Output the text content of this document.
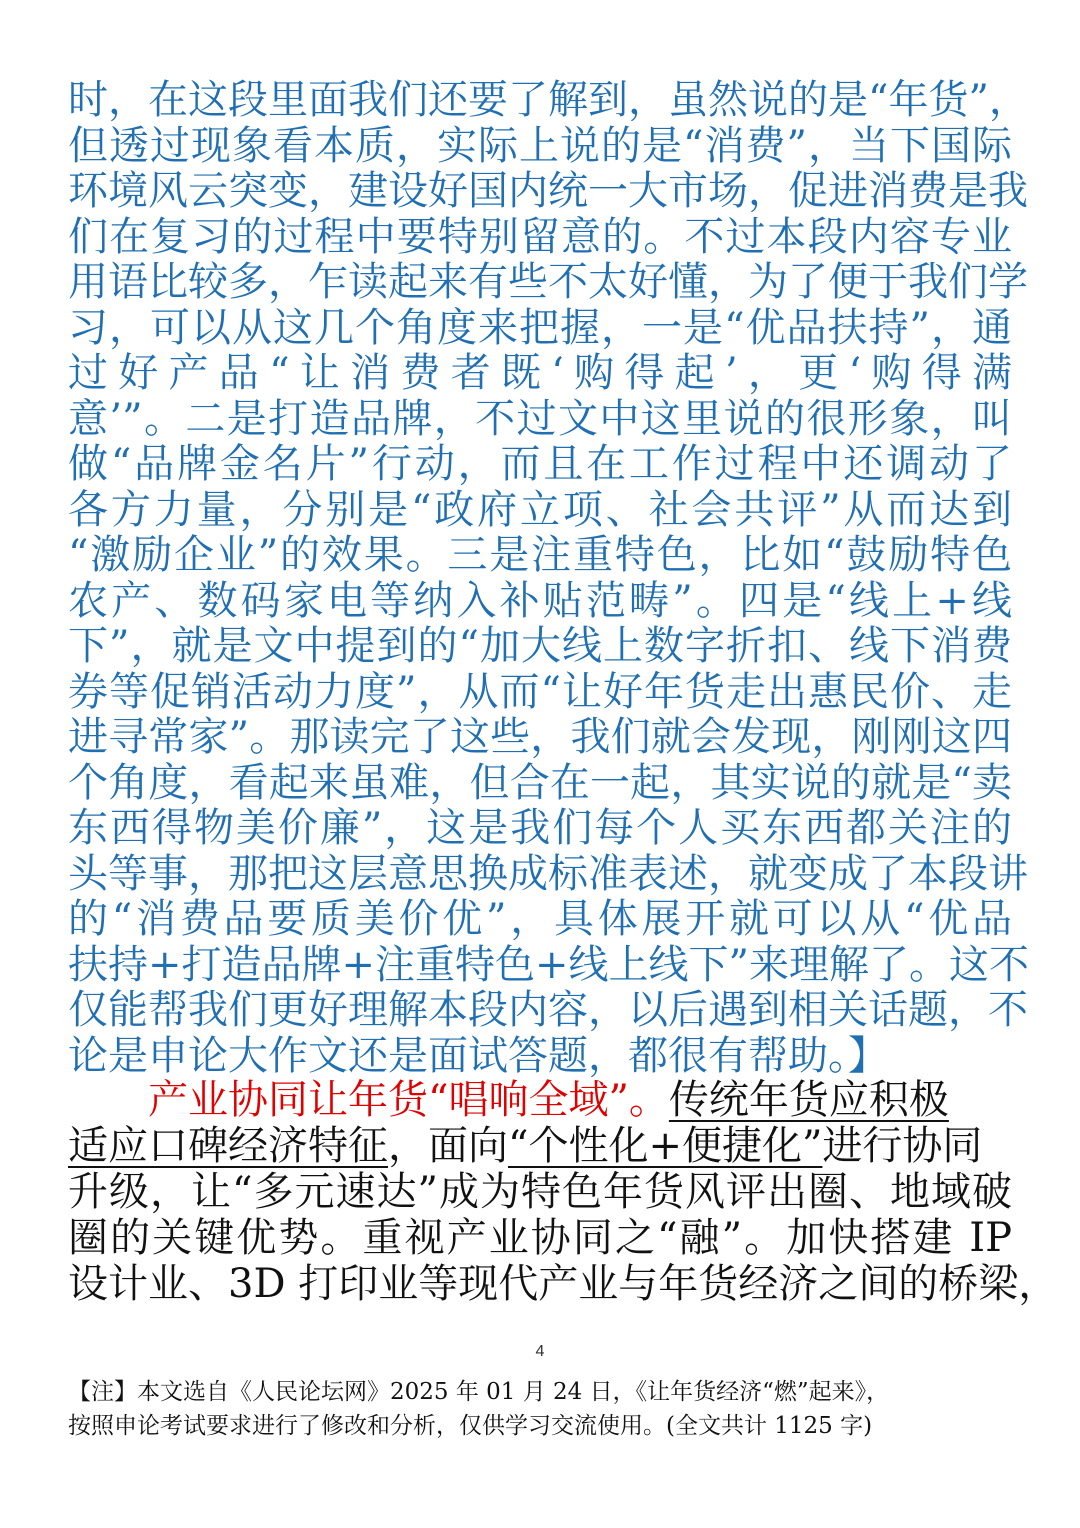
时，在这段里面我们还要了解到，虽然说的是“年货”，
但透过现象看本质，实际上说的是“消费”，当下国际
环境风云突变，建设好国内统一大市场，促进消费是我
们在复习的过程中要特别留意的。不过本段内容专业
用语比较多，乍读起来有些不太好懂，为了便于我们学
习，可以从这几个角度来把握，一是“优品扶持”，通
过好产品“让消费者既‘购得起’，更‘购得满
意’”。二是打造品牌，不过文中这里说的很形象，叫
做“品牌金名片”行动，而且在工作过程中还调动了
各方力量，分别是“政府立项、社会共评”从而达到
“激励企业”的效果。三是注重特色，比如“鼓励特色
农产、数码家电等纳入补贴范畴”。四是“线上+线
下”，就是文中提到的“加大线上数字折扣、线下消费
券等促销活动力度”，从而“让好年货走出惠民价、走
进寻常家”。那读完了这些，我们就会发现，刚刚这四
个角度，看起来虽难，但合在一起，其实说的就是“卖
东西得物美价廉”，这是我们每个人买东西都关注的
头等事，那把这层意思换成标准表述，就变成了本段讲
的“消费品要质美价优”，具体展开就可以从“优品
扶持+打造品牌+注重特色+线上线下”来理解了。这不
仅能帮我们更好理解本段内容，以后遇到相关话题，不
论是申论大作文还是面试答题，都很有帮助。】
产业协同让年货“唱响全域”。传统年货应积极
适应口碑经济特征，面向“个性化+便捷化”进行协同
升级，让“多元速达”成为特色年货风评出圈、地域破
圈的关键优势。重视产业协同之“融”。加快搭建 IP
设计业、3D 打印业等现代产业与年货经济之间的桥梁，
4
【注】本文选自《人民论坛网》2025 年 01 月 24 日，《让年货经济“燃”起来》，
按照申论考试要求进行了修改和分析，仅供学习交流使用。(全文共计 1125 字)
